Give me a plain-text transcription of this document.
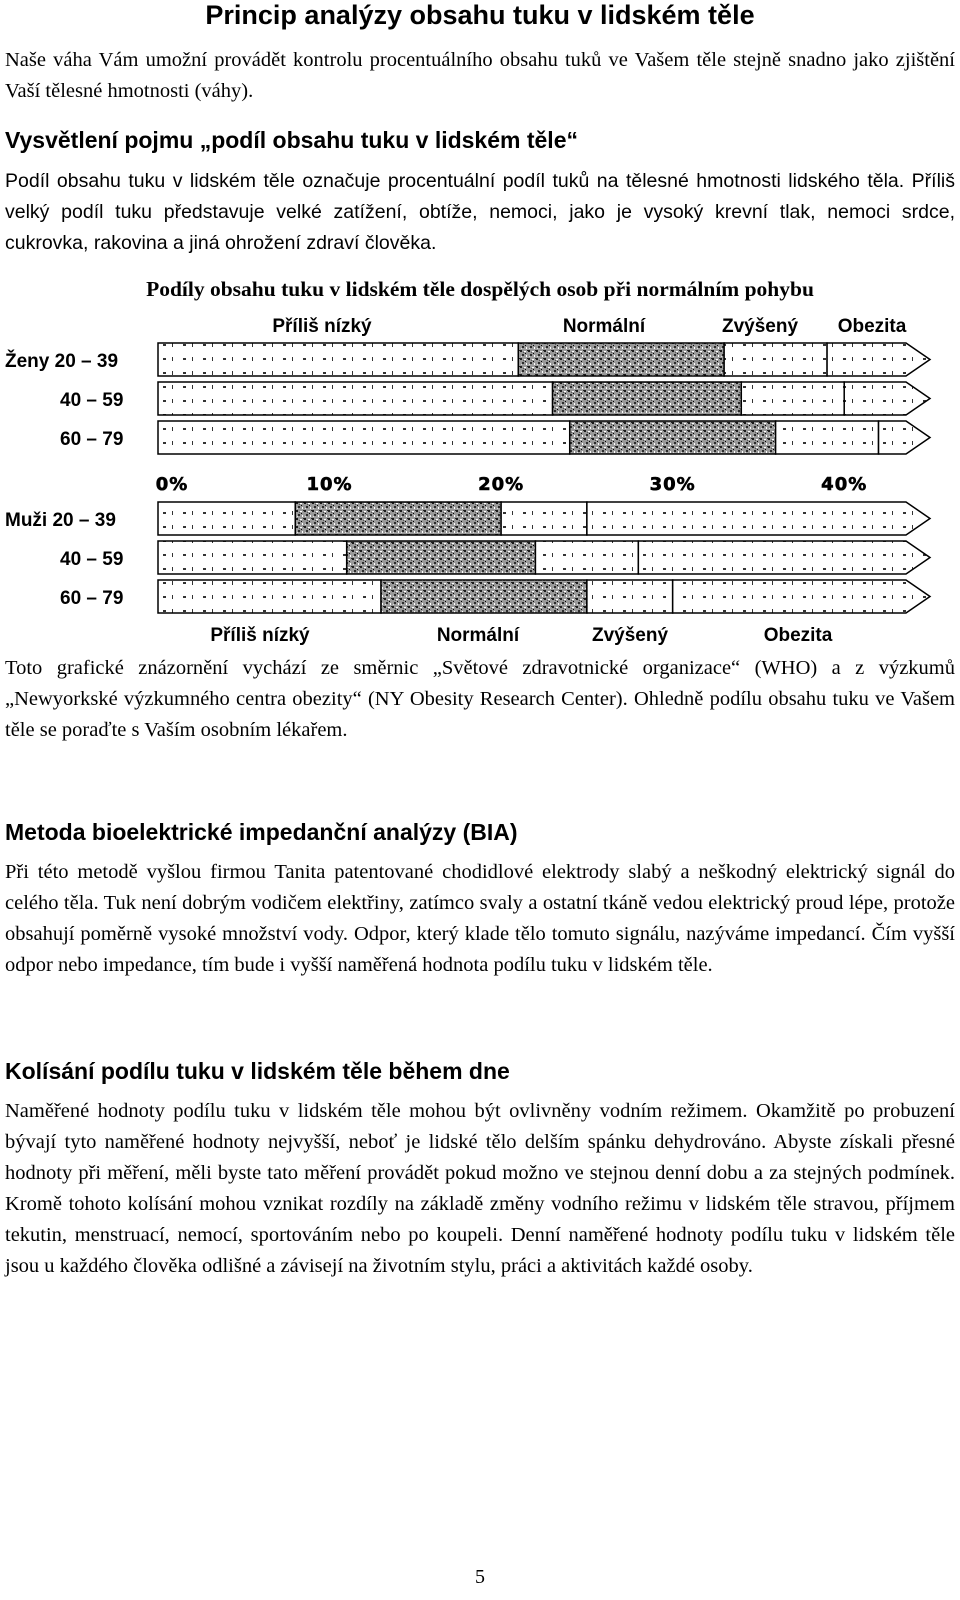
Princip analýzy obsahu tuku v lidském těle

Naše váha Vám umožní provádět kontrolu procentuálního obsahu tuků ve Vašem těle stejně snadno jako zjištění Vaší tělesné hmotnosti (váhy).

Vysvětlení pojmu „podíl obsahu tuku v lidském těle“

Podíl obsahu tuku v lidském těle označuje procentuální podíl tuků na tělesné hmotnosti lidského těla. Příliš velký podíl tuku představuje velké zatížení, obtíže, nemoci, jako je vysoký krevní tlak, nemoci srdce, cukrovka, rakovina a jiná ohrožení zdraví člověka.

Podíly obsahu tuku v lidském těle dospělých osob při normálním pohybu
Příliš nízký	Normální	Zvýšený Obezita
Ženy 20 – 39
40 – 59
60 – 79
0%	10%	20%	30%	40%
Muži 20 – 39
40 – 59
60 – 79
Příliš nízký	Normální	Zvýšený	Obezita

Toto grafické znázornění vychází ze směrnic „Světové zdravotnické organizace“ (WHO) a z výzkumů „Newyorkské výzkumného centra obezity“ (NY Obesity Research Center). Ohledně podílu obsahu tuku ve Vašem těle se poraďte s Vaším osobním lékařem.

Metoda bioelektrické impedanční analýzy (BIA)

Při této metodě vyšlou firmou Tanita patentované chodidlové elektrody slabý a neškodný elektrický signál do celého těla. Tuk není dobrým vodičem elektřiny, zatímco svaly a ostatní tkáně vedou elektrický proud lépe, protože obsahují poměrně vysoké množství vody. Odpor, který klade tělo tomuto signálu, nazýváme impedancí. Čím vyšší odpor nebo impedance, tím bude i vyšší naměřená hodnota podílu tuku v lidském těle.

Kolísání podílu tuku v lidském těle během dne

Naměřené hodnoty podílu tuku v lidském těle mohou být ovlivněny vodním režimem. Okamžitě po probuzení bývají tyto naměřené hodnoty nejvyšší, neboť je lidské tělo delším spánku dehydrováno. Abyste získali přesné hodnoty při měření, měli byste tato měření provádět pokud možno ve stejnou denní dobu a za stejných podmínek. Kromě tohoto kolísání mohou vznikat rozdíly na základě změny vodního režimu v lidském těle stravou, příjmem tekutin, menstruací, nemocí, sportováním nebo po koupeli. Denní naměřené hodnoty podílu tuku v lidském těle jsou u každého člověka odlišné a závisejí na životním stylu, práci a aktivitách každé osoby.

5
